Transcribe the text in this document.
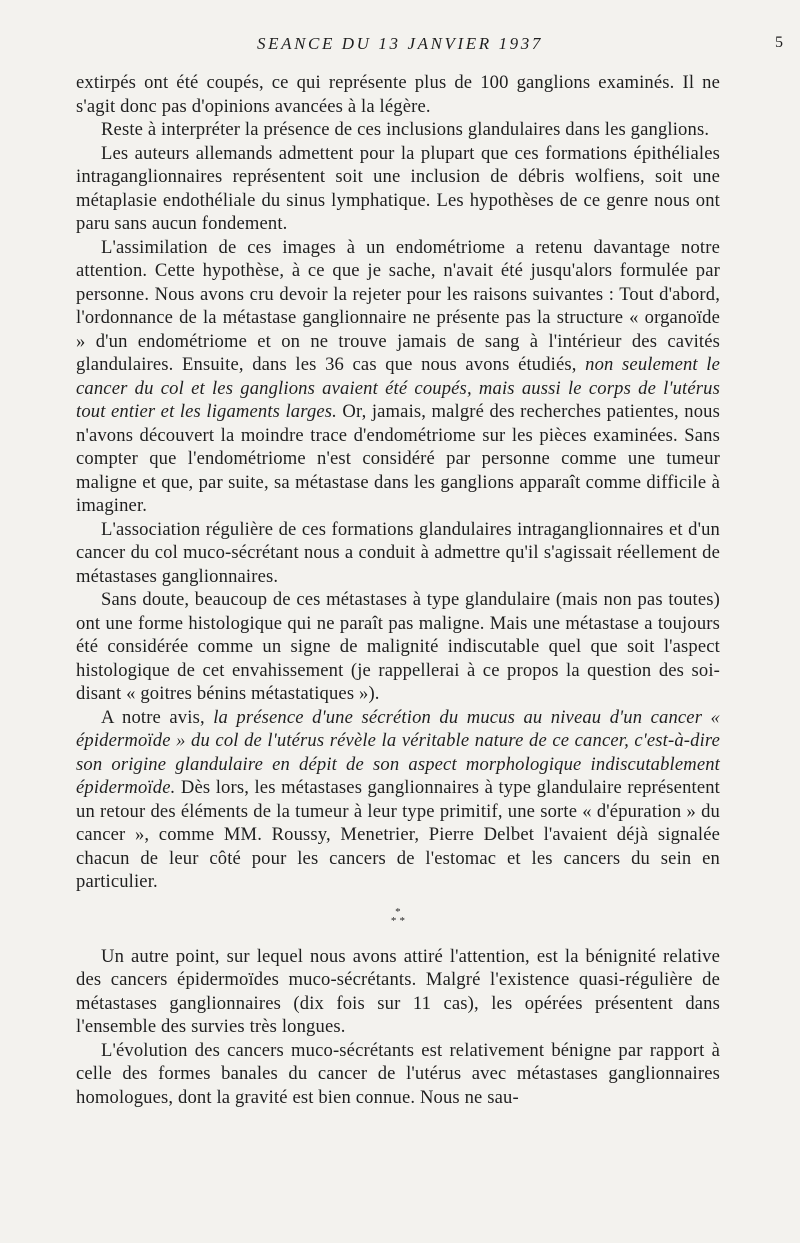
SEANCE DU 13 JANVIER 1937	5

extirpés ont été coupés, ce qui représente plus de 100 ganglions examinés. Il ne s'agit donc pas d'opinions avancées à la légère.

Reste à interpréter la présence de ces inclusions glandulaires dans les ganglions.

Les auteurs allemands admettent pour la plupart que ces formations épithéliales intraganglionnaires représentent soit une inclusion de débris wolfiens, soit une métaplasie endothéliale du sinus lymphatique. Les hypothèses de ce genre nous ont paru sans aucun fondement.

L'assimilation de ces images à un endométriome a retenu davantage notre attention. Cette hypothèse, à ce que je sache, n'avait été jusqu'alors formulée par personne. Nous avons cru devoir la rejeter pour les raisons suivantes : Tout d'abord, l'ordonnance de la métastase ganglionnaire ne présente pas la structure « organoïde » d'un endométriome et on ne trouve jamais de sang à l'intérieur des cavités glandulaires. Ensuite, dans les 36 cas que nous avons étudiés, non seulement le cancer du col et les ganglions avaient été coupés, mais aussi le corps de l'utérus tout entier et les ligaments larges. Or, jamais, malgré des recherches patientes, nous n'avons découvert la moindre trace d'endométriome sur les pièces examinées. Sans compter que l'endométriome n'est considéré par personne comme une tumeur maligne et que, par suite, sa métastase dans les ganglions apparaît comme difficile à imaginer.

L'association régulière de ces formations glandulaires intraganglionnaires et d'un cancer du col muco-sécrétant nous a conduit à admettre qu'il s'agissait réellement de métastases ganglionnaires.

Sans doute, beaucoup de ces métastases à type glandulaire (mais non pas toutes) ont une forme histologique qui ne paraît pas maligne. Mais une métastase a toujours été considérée comme un signe de malignité indiscutable quel que soit l'aspect histologique de cet envahissement (je rappellerai à ce propos la question des soi-disant « goitres bénins métastatiques »).

A notre avis, la présence d'une sécrétion du mucus au niveau d'un cancer « épidermoïde » du col de l'utérus révèle la véritable nature de ce cancer, c'est-à-dire son origine glandulaire en dépit de son aspect morphologique indiscutablement épidermoïde. Dès lors, les métastases ganglionnaires à type glandulaire représentent un retour des éléments de la tumeur à leur type primitif, une sorte « d'épuration » du cancer », comme MM. Roussy, Menetrier, Pierre Delbet l'avaient déjà signalée chacun de leur côté pour les cancers de l'estomac et les cancers du sein en particulier.

*
* *

Un autre point, sur lequel nous avons attiré l'attention, est la bénignité relative des cancers épidermoïdes muco-sécrétants. Malgré l'existence quasi-régulière de métastases ganglionnaires (dix fois sur 11 cas), les opérées présentent dans l'ensemble des survies très longues.

L'évolution des cancers muco-sécrétants est relativement bénigne par rapport à celle des formes banales du cancer de l'utérus avec métastases ganglionnaires homologues, dont la gravité est bien connue. Nous ne sau-
